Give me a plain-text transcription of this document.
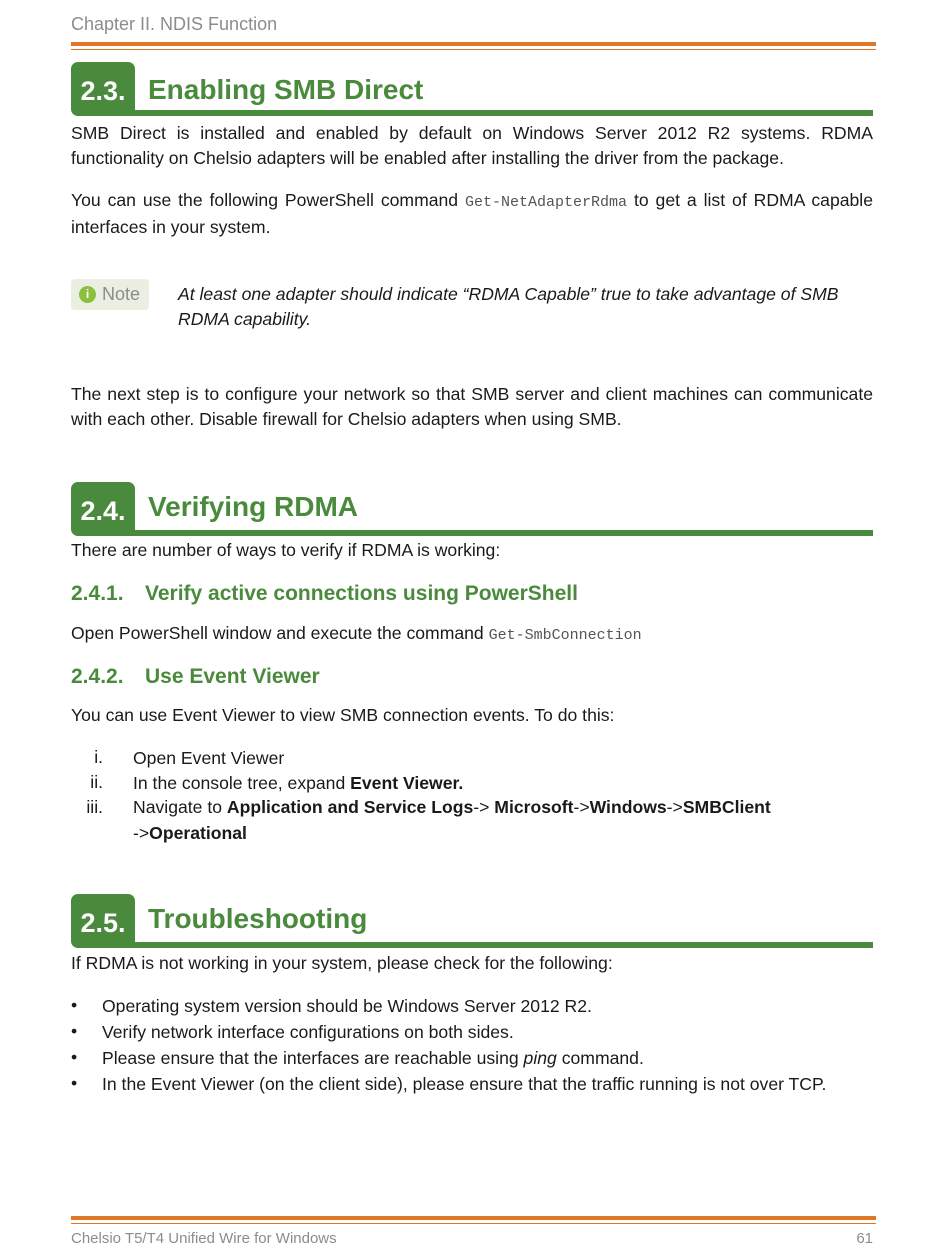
Chapter II. NDIS Function
2.3. Enabling SMB Direct
SMB Direct is installed and enabled by default on Windows Server 2012 R2 systems. RDMA functionality on Chelsio adapters will be enabled after installing the driver from the package.
You can use the following PowerShell command Get-NetAdapterRdma to get a list of RDMA capable interfaces in your system.
i Note At least one adapter should indicate “RDMA Capable” true to take advantage of SMB RDMA capability.
The next step is to configure your network so that SMB server and client machines can communicate with each other. Disable firewall for Chelsio adapters when using SMB.
2.4. Verifying RDMA
There are number of ways to verify if RDMA is working:
2.4.1. Verify active connections using PowerShell
Open PowerShell window and execute the command Get-SmbConnection
2.4.2. Use Event Viewer
You can use Event Viewer to view SMB connection events. To do this:
i. Open Event Viewer
ii. In the console tree, expand Event Viewer.
iii. Navigate to Application and Service Logs-> Microsoft->Windows->SMBClient
->Operational
2.5. Troubleshooting
If RDMA is not working in your system, please check for the following:
• Operating system version should be Windows Server 2012 R2.
• Verify network interface configurations on both sides.
• Please ensure that the interfaces are reachable using ping command.
• In the Event Viewer (on the client side), please ensure that the traffic running is not over TCP.
Chelsio T5/T4 Unified Wire for Windows	61
